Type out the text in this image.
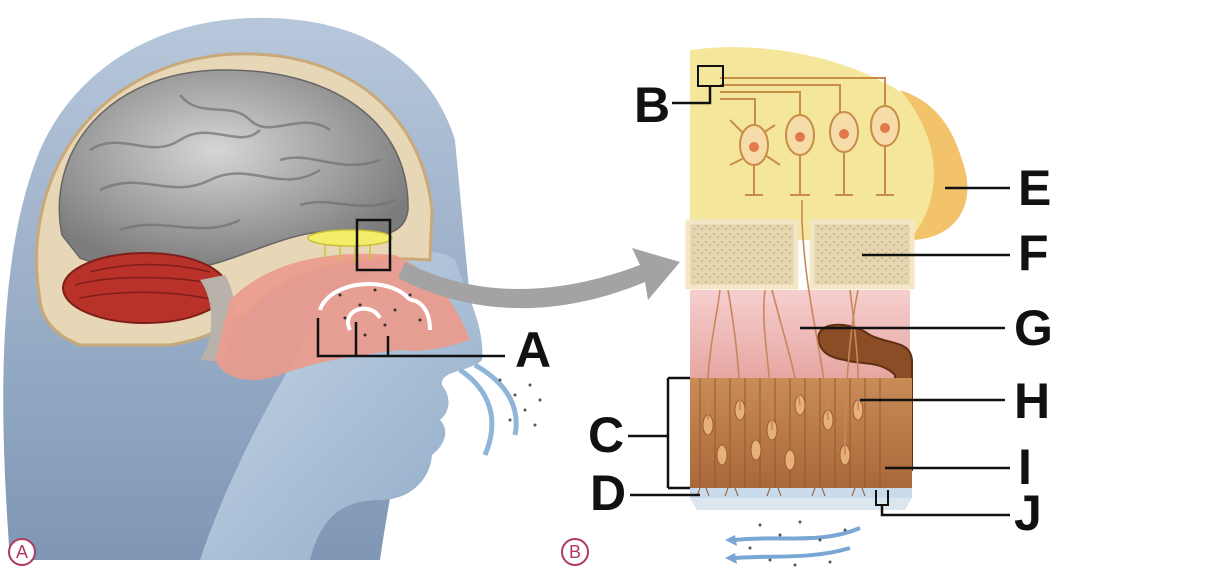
A
B
C
D
E
F
G
H
I
J
A	B
